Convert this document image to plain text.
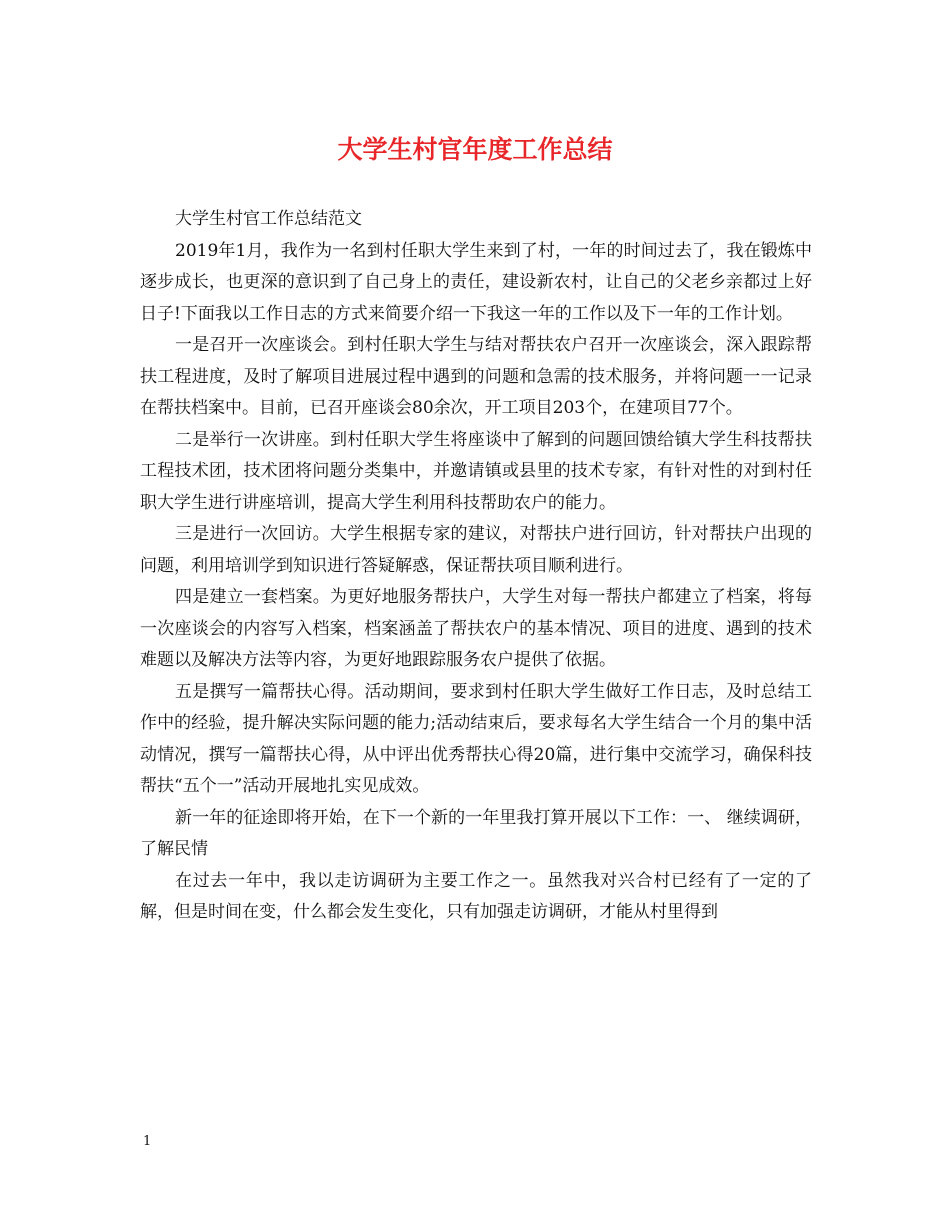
大学生村官年度工作总结

大学生村官工作总结范文

2019年1月，我作为一名到村任职大学生来到了村，一年的时间过去了，我在锻炼中逐步成长，也更深的意识到了自己身上的责任，建设新农村，让自己的父老乡亲都过上好日子!下面我以工作日志的方式来简要介绍一下我这一年的工作以及下一年的工作计划。

一是召开一次座谈会。到村任职大学生与结对帮扶农户召开一次座谈会，深入跟踪帮扶工程进度，及时了解项目进展过程中遇到的问题和急需的技术服务，并将问题一一记录在帮扶档案中。目前，已召开座谈会80余次，开工项目203个，在建项目77个。

二是举行一次讲座。到村任职大学生将座谈中了解到的问题回馈给镇大学生科技帮扶工程技术团，技术团将问题分类集中，并邀请镇或县里的技术专家，有针对性的对到村任职大学生进行讲座培训，提高大学生利用科技帮助农户的能力。

三是进行一次回访。大学生根据专家的建议，对帮扶户进行回访，针对帮扶户出现的问题，利用培训学到知识进行答疑解惑，保证帮扶项目顺利进行。

四是建立一套档案。为更好地服务帮扶户，大学生对每一帮扶户都建立了档案，将每一次座谈会的内容写入档案，档案涵盖了帮扶农户的基本情况、项目的进度、遇到的技术难题以及解决方法等内容，为更好地跟踪服务农户提供了依据。

五是撰写一篇帮扶心得。活动期间，要求到村任职大学生做好工作日志，及时总结工作中的经验，提升解决实际问题的能力;活动结束后，要求每名大学生结合一个月的集中活动情况，撰写一篇帮扶心得，从中评出优秀帮扶心得20篇，进行集中交流学习，确保科技帮扶“五个一”活动开展地扎实见成效。

新一年的征途即将开始，在下一个新的一年里我打算开展以下工作：一、 继续调研，了解民情

在过去一年中，我以走访调研为主要工作之一。虽然我对兴合村已经有了一定的了解，但是时间在变，什么都会发生变化，只有加强走访调研，才能从村里得到

1
